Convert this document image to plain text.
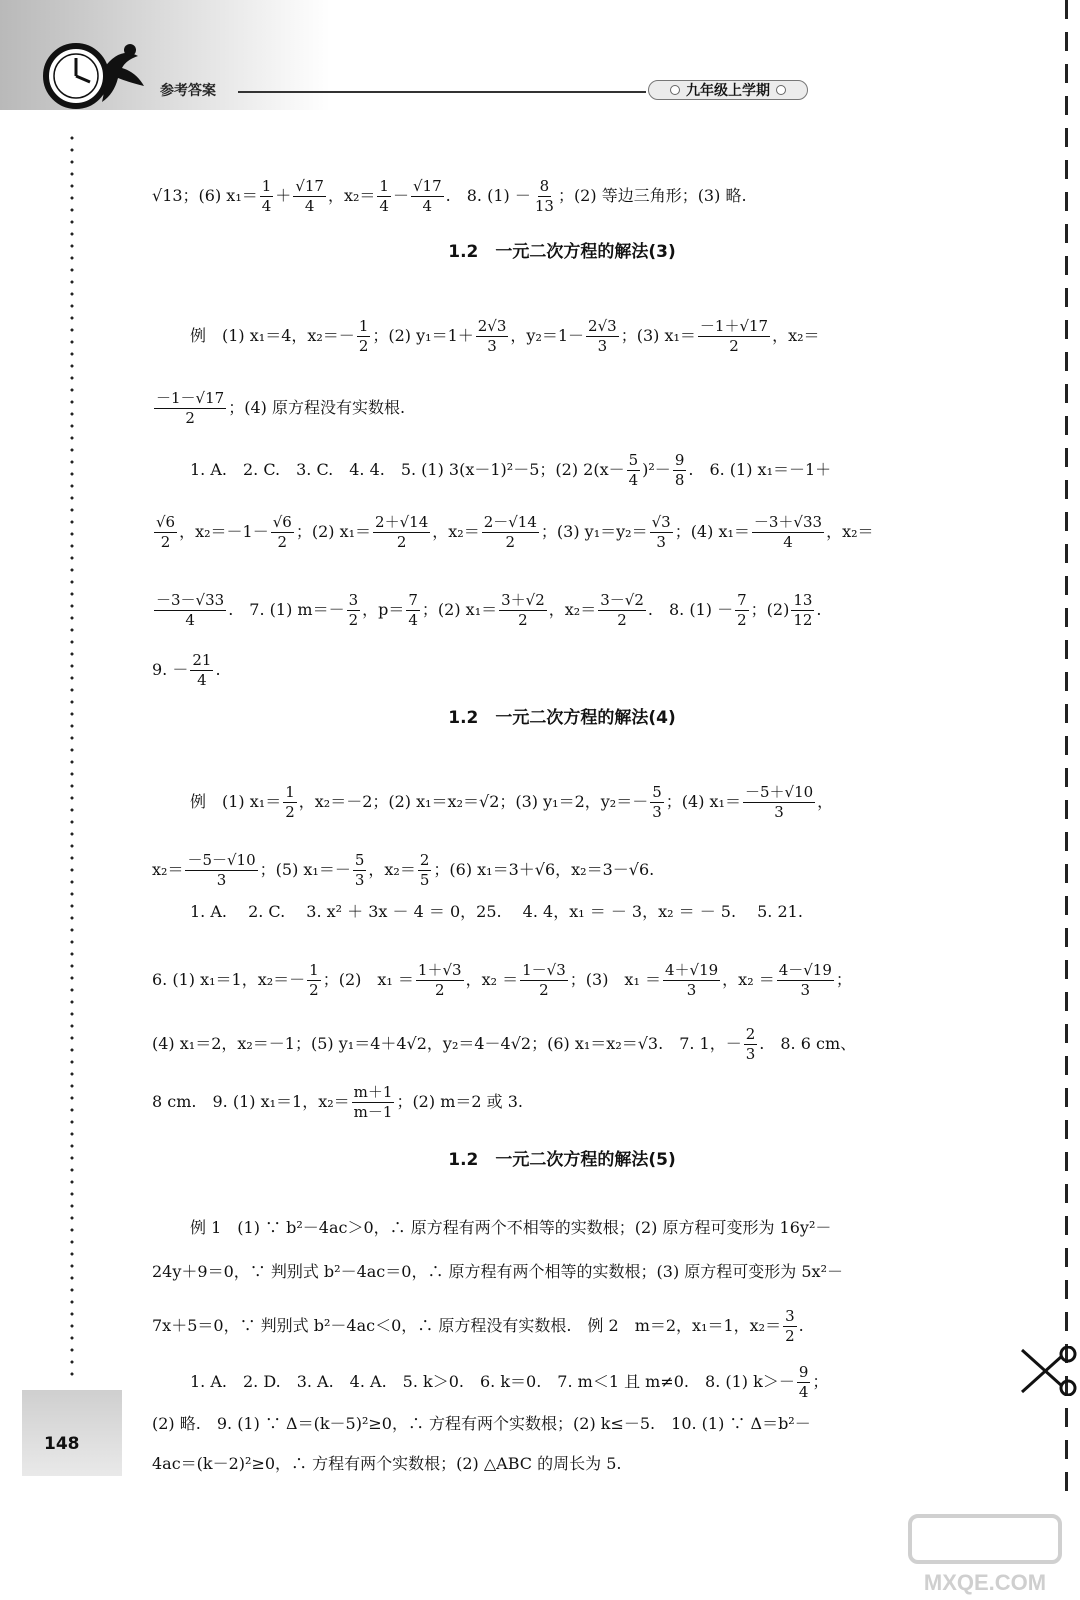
参考答案	九年级上学期
148
√13；(6) $x_1= \frac{1}{4} + \frac{√17}{4}$ ，$x_2= \frac{1}{4} - \frac{√17}{4}$ .　8. $(1) - \frac{8}{13}$ ；(2) 等边三角形；(3) 略.
1.2　一元二次方程的解法(3)
例　(1) x₁＝4，$x_2=- \frac{1}{2}$ ；(2) $y_1=1+ \frac{2√3}{3}$ ，$y_2=1- \frac{2√3}{3}$ ；(3) $x_1= \frac{-1+√17}{2}$ ，x₂＝
$\frac{-1-√17}{2}$ ；(4) 原方程没有实数根.
1. A.　2. C.　3. C.　4. 4.　5. (1) 3(x－1)²－5；(2) $2(x- \frac{5}{4} )^2- \frac{9}{8}$ .　6. (1) x₁＝－1＋
$\frac{√6}{2}$ ，$x_2=-1- \frac{√6}{2}$ ；(2) $x_1= \frac{2+√14}{2}$ ，$x_2= \frac{2-√14}{2}$ ；(3) $y_1=y_2= \frac{√3}{3}$ ；(4) $x_1= \frac{-3+√33}{4}$ ，x₂＝
$\frac{-3-√33}{4}$ .　7. (1) $m=- \frac{3}{2}$ ，$p= \frac{7}{4}$ ；(2) $x_1= \frac{3+√2}{2}$ ，$x_2= \frac{3-√2}{2}$ .　8. $(1) - \frac{7}{2}$ ；$(2) \frac{13}{12}$ .
9. － $\frac{21}{4}$ .
1.2　一元二次方程的解法(4)
例　(1) $x_1= \frac{1}{2}$ ，x₂＝－2；(2) x₁＝x₂＝√2；(3) y₁＝2，$y_2=- \frac{5}{3}$ ；(4) $x_1= \frac{-5+√10}{3}$ ，
$x_2= \frac{-5-√10}{3}$ ；(5) $x_1=- \frac{5}{3}$ ，$x_2= \frac{2}{5}$ ；(6) x₁＝3＋√6，x₂＝3－√6.
1. A.　 2. C.　 3. x² ＋ 3x － 4 ＝ 0，25.　 4. 4，x₁ ＝ － 3，x₂ ＝ － 5.　 5. 21.
6. (1) x₁＝1，$x_2=- \frac{1}{2}$ ；(2)　$x_1 = \frac{1+√3}{2}$ ，$x_2 = \frac{1-√3}{2}$ ；(3)　$x_1 = \frac{4+√19}{3}$ ，$x_2 = \frac{4-√19}{3}$ ；
(4) x₁＝2，x₂＝－1；(5) y₁＝4＋4√2，y₂＝4－4√2；(6) x₁＝x₂＝√3.　7. 1，－ $\frac{2}{3}$ .　8. 6 cm、
8 cm.　9. (1) x₁＝1，$x_2= \frac{m+1}{m-1}$ ；(2) m＝2 或 3.
1.2　一元二次方程的解法(5)
例 1　(1) ∵ b²－4ac＞0，∴ 原方程有两个不相等的实数根；(2) 原方程可变形为 16y²－
24y＋9＝0，∵ 判别式 b²－4ac＝0，∴ 原方程有两个相等的实数根；(3) 原方程可变形为 5x²－
7x＋5＝0，∵ 判别式 b²－4ac＜0，∴ 原方程没有实数根.　例 2　m＝2，x₁＝1，$x_2= \frac{3}{2}$ .
1. A.　2. D.　3. A.　4. A.　5. k＞0.　6. k＝0.　7. m＜1 且 m≠0.　8. (1) $k>- \frac{9}{4}$ ；
(2) 略.　9. (1) ∵ Δ＝(k－5)²≥0，∴ 方程有两个实数根；(2) k≤－5.　10. (1) ∵ Δ＝b²－
4ac＝(k－2)²≥0，∴ 方程有两个实数根；(2) △ABC 的周长为 5.
MXQE.COM
